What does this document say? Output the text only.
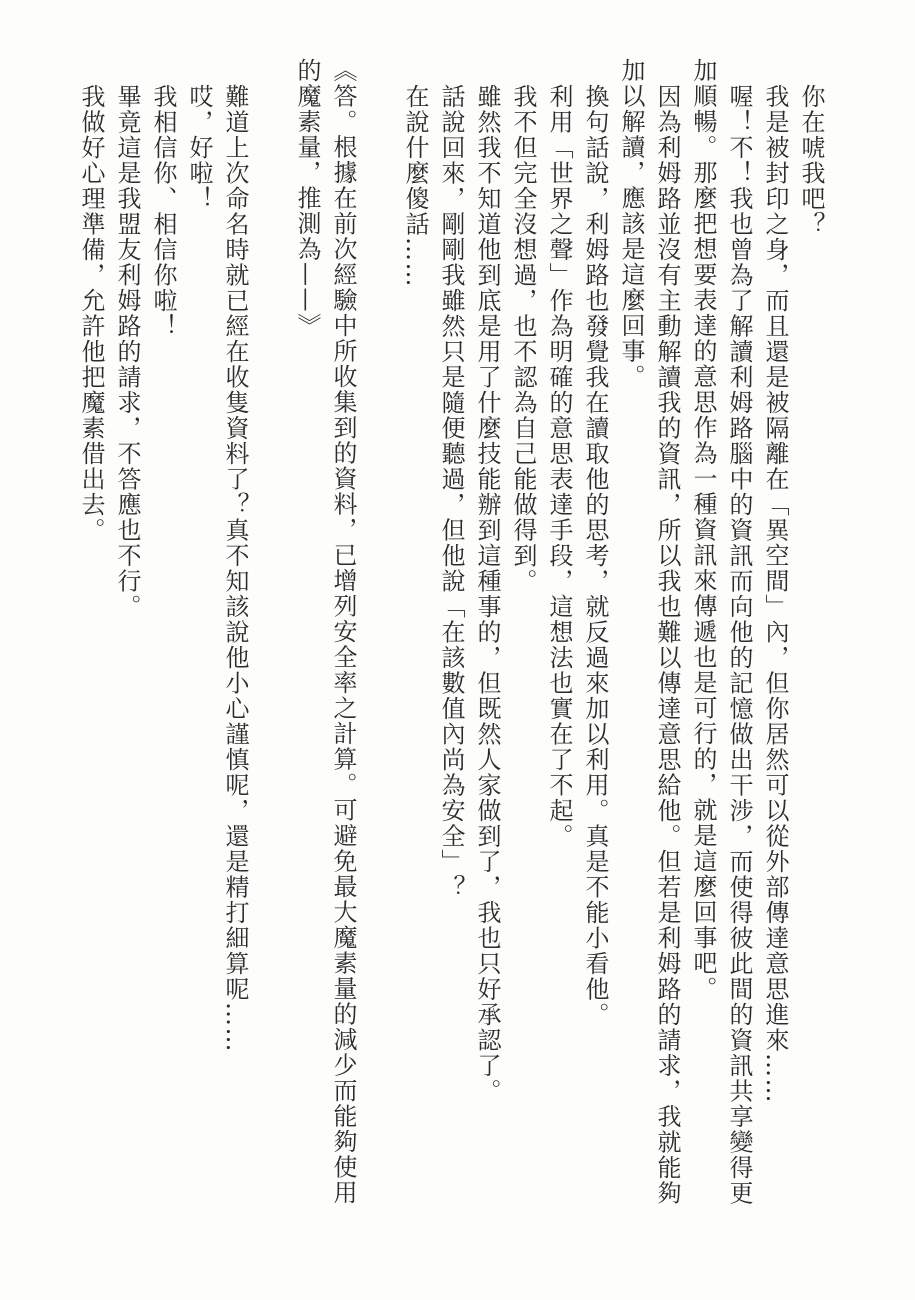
你在唬我吧？
我是被封印之身，而且還是被隔離在「異空間」內，但你居然可以從外部傳達意思進來……
喔！不！我也曾為了解讀利姆路腦中的資訊而向他的記憶做出干涉，而使得彼此間的資訊共享變得更
加順暢。那麼把想要表達的意思作為一種資訊來傳遞也是可行的，就是這麼回事吧。
因為利姆路並沒有主動解讀我的資訊，所以我也難以傳達意思給他。但若是利姆路的請求，我就能夠
加以解讀，應該是這麼回事。
換句話說，利姆路也發覺我在讀取他的思考，就反過來加以利用。真是不能小看他。
利用「世界之聲」作為明確的意思表達手段，這想法也實在了不起。
我不但完全沒想過，也不認為自己能做得到。
雖然我不知道他到底是用了什麼技能辦到這種事的，但既然人家做到了，我也只好承認了。
話說回來，剛剛我雖然只是隨便聽過，但他說「在該數值內尚為安全」？
在說什麼傻話……
《答。根據在前次經驗中所收集到的資料，已增列安全率之計算。可避免最大魔素量的減少而能夠使用
的魔素量，推測為——》
難道上次命名時就已經在收隻資料了？真不知該說他小心謹慎呢，還是精打細算呢……
哎，好啦！
我相信你、相信你啦！
畢竟這是我盟友利姆路的請求，不答應也不行。
我做好心理準備，允許他把魔素借出去。
